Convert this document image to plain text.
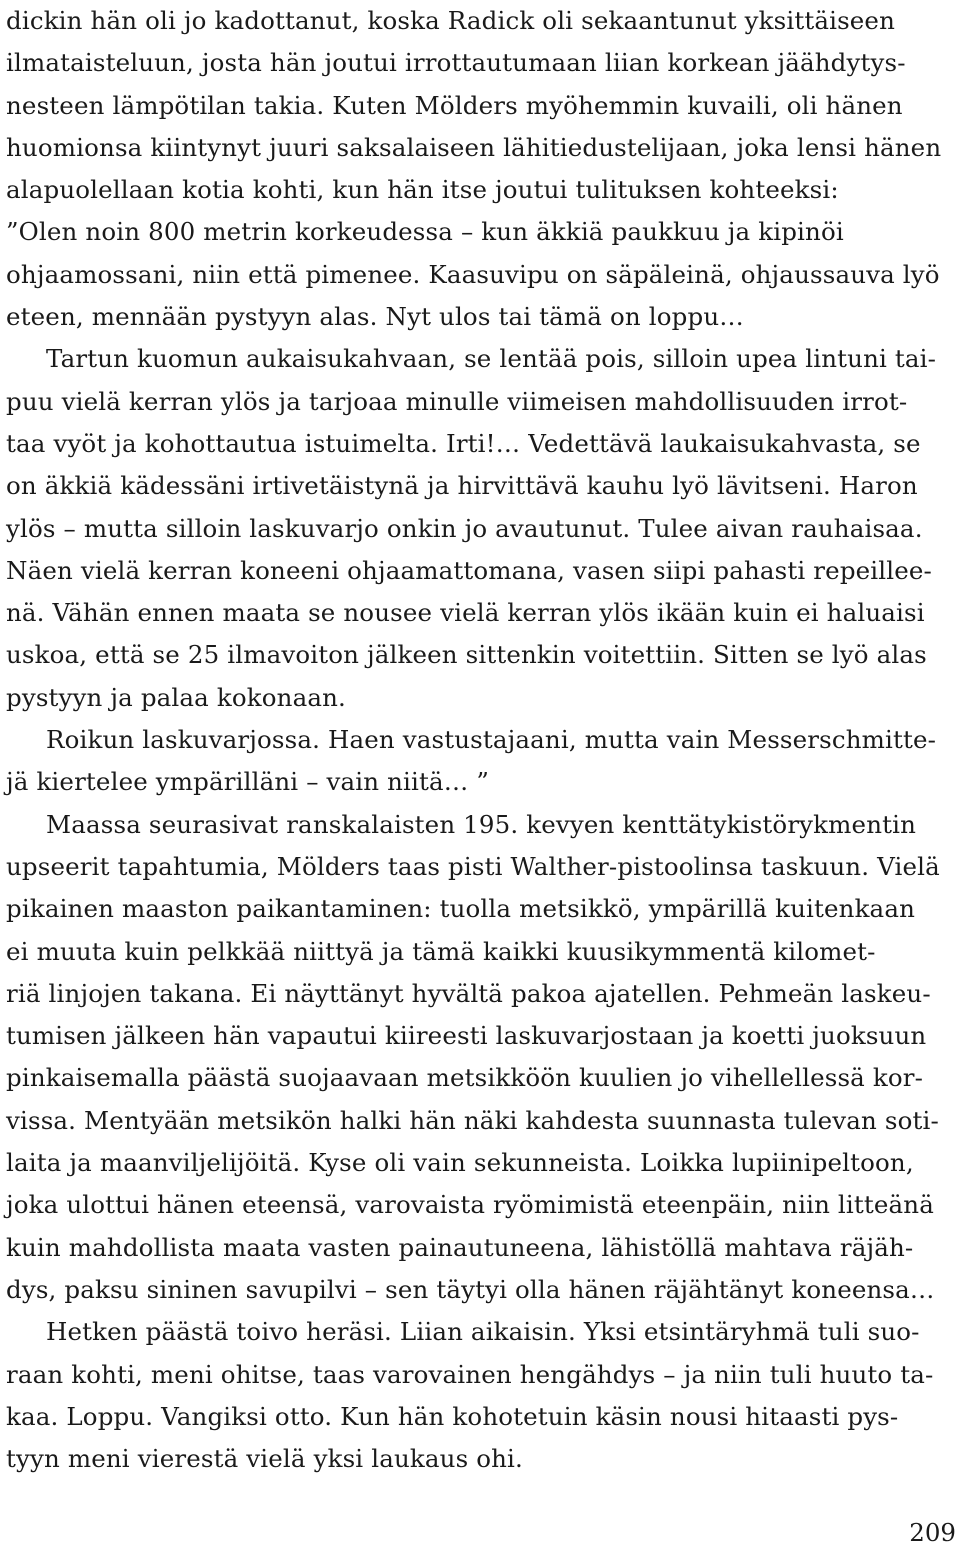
dickin hän oli jo kadottanut, koska Radick oli sekaantunut yksittäiseen
ilmataisteluun, josta hän joutui irrottautumaan liian korkean jäähdytys-
nesteen lämpötilan takia. Kuten Mölders myöhemmin kuvaili, oli hänen
huomionsa kiintynyt juuri saksalaiseen lähitiedustelijaan, joka lensi hänen
alapuolellaan kotia kohti, kun hän itse joutui tulituksen kohteeksi:
”Olen noin 800 metrin korkeudessa – kun äkkiä paukkuu ja kipinöi
ohjaamossani, niin että pimenee. Kaasuvipu on säpäleinä, ohjaussauva lyö
eteen, mennään pystyyn alas. Nyt ulos tai tämä on loppu…
Tartun kuomun aukaisukahvaan, se lentää pois, silloin upea lintuni tai-
puu vielä kerran ylös ja tarjoaa minulle viimeisen mahdollisuuden irrot-
taa vyöt ja kohottautua istuimelta. Irti!… Vedettävä laukaisukahvasta, se
on äkkiä kädessäni irtivetäistynä ja hirvittävä kauhu lyö lävitseni. Haron
ylös – mutta silloin laskuvarjo onkin jo avautunut. Tulee aivan rauhaisaa.
Näen vielä kerran koneeni ohjaamattomana, vasen siipi pahasti repeillee-
nä. Vähän ennen maata se nousee vielä kerran ylös ikään kuin ei haluaisi
uskoa, että se 25 ilmavoiton jälkeen sittenkin voitettiin. Sitten se lyö alas
pystyyn ja palaa kokonaan.
Roikun laskuvarjossa. Haen vastustajaani, mutta vain Messerschmitte-
jä kiertelee ympärilläni – vain niitä… ”
Maassa seurasivat ranskalaisten 195. kevyen kenttätykistörykmentin
upseerit tapahtumia, Mölders taas pisti Walther-pistoolinsa taskuun. Vielä
pikainen maaston paikantaminen: tuolla metsikkö, ympärillä kuitenkaan
ei muuta kuin pelkkää niittyä ja tämä kaikki kuusikymmentä kilomet-
riä linjojen takana. Ei näyttänyt hyvältä pakoa ajatellen. Pehmeän laskeu-
tumisen jälkeen hän vapautui kiireesti laskuvarjostaan ja koetti juoksuun
pinkaisemalla päästä suojaavaan metsikköön kuulien jo vihellellessä kor-
vissa. Mentyään metsikön halki hän näki kahdesta suunnasta tulevan soti-
laita ja maanviljelijöitä. Kyse oli vain sekunneista. Loikka lupiinipeltoon,
joka ulottui hänen eteensä, varovaista ryömimistä eteenpäin, niin litteänä
kuin mahdollista maata vasten painautuneena, lähistöllä mahtava räjäh-
dys, paksu sininen savupilvi – sen täytyi olla hänen räjähtänyt koneensa…
Hetken päästä toivo heräsi. Liian aikaisin. Yksi etsintäryhmä tuli suo-
raan kohti, meni ohitse, taas varovainen hengähdys – ja niin tuli huuto ta-
kaa. Loppu. Vangiksi otto. Kun hän kohotetuin käsin nousi hitaasti pys-
tyyn meni vierestä vielä yksi laukaus ohi.
209
